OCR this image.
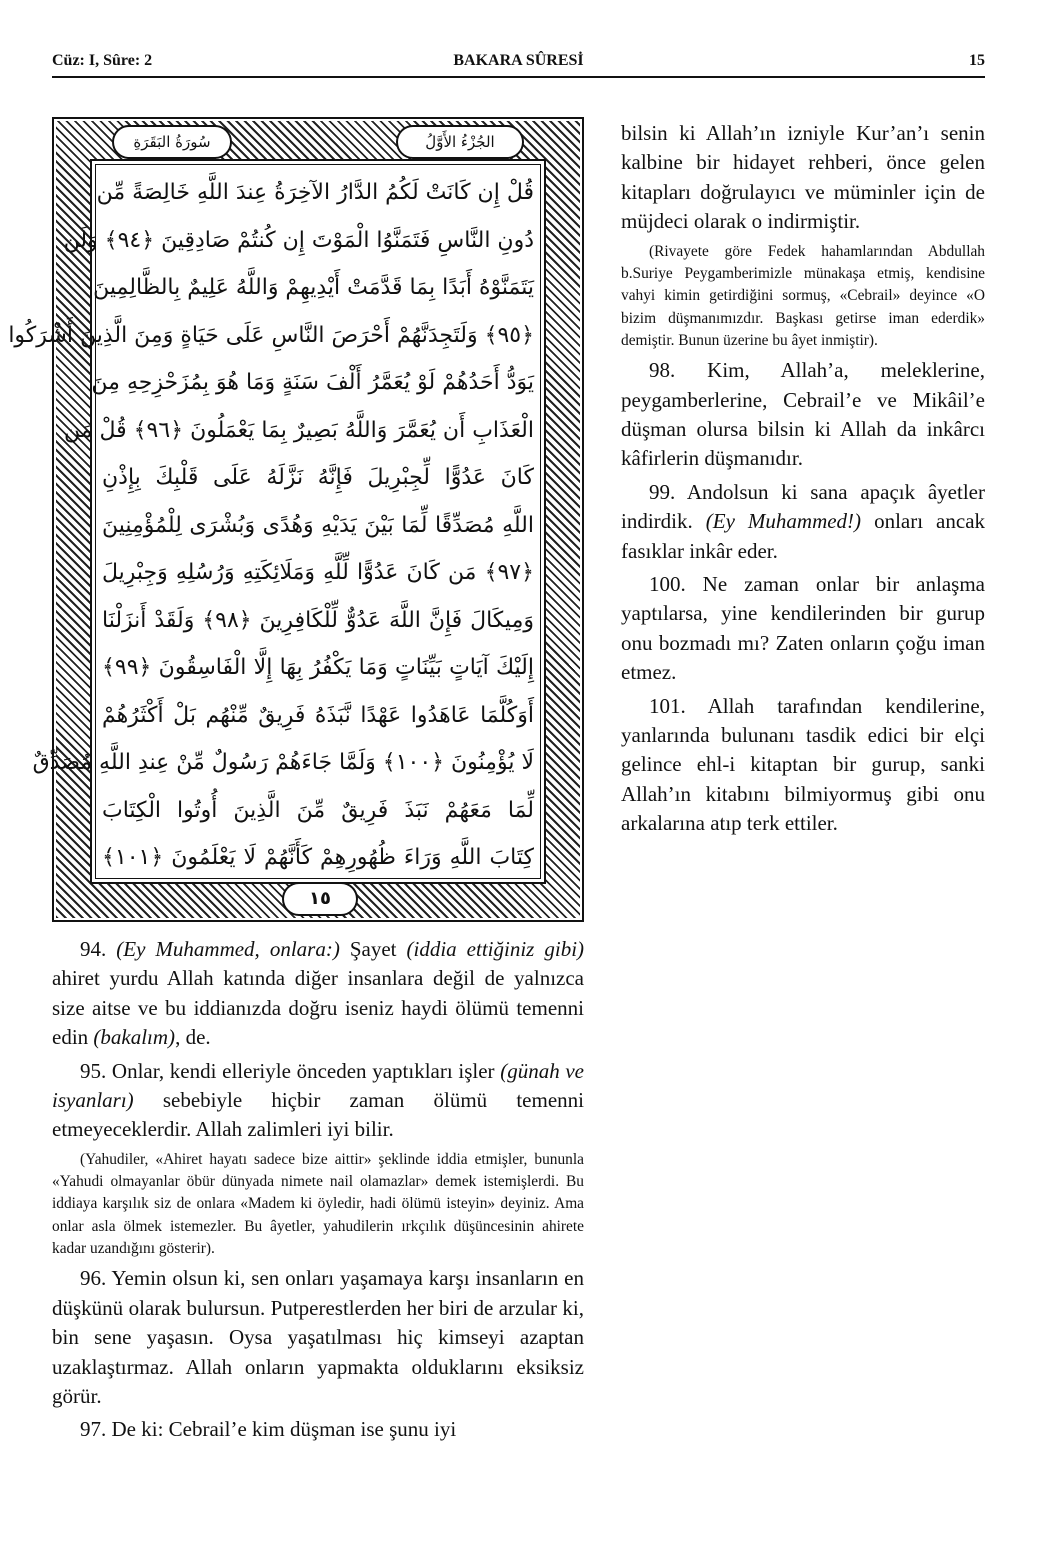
Cüz: I, Sûre: 2	BAKARA SÛRESİ	15
سُورَةُ البَقَرَةِ	الجُزْءُ الأَوَّلُ
قُلْ إِن كَانَتْ لَكُمُ الدَّارُ الآخِرَةُ عِندَ اللَّهِ خَالِصَةً مِّن
دُونِ النَّاسِ فَتَمَنَّوُا الْمَوْتَ إِن كُنتُمْ صَادِقِينَ ﴿٩٤﴾ وَلَن
يَتَمَنَّوْهُ أَبَدًا بِمَا قَدَّمَتْ أَيْدِيهِمْ وَاللَّهُ عَلِيمٌ بِالظَّالِمِينَ
﴿٩٥﴾ وَلَتَجِدَنَّهُمْ أَحْرَصَ النَّاسِ عَلَى حَيَاةٍ وَمِنَ الَّذِينَ أَشْرَكُوا
يَوَدُّ أَحَدُهُمْ لَوْ يُعَمَّرُ أَلْفَ سَنَةٍ وَمَا هُوَ بِمُزَحْزِحِهِ مِنَ
الْعَذَابِ أَن يُعَمَّرَ وَاللَّهُ بَصِيرٌ بِمَا يَعْمَلُونَ ﴿٩٦﴾ قُلْ مَن
كَانَ عَدُوًّا لِّجِبْرِيلَ فَإِنَّهُ نَزَّلَهُ عَلَى قَلْبِكَ بِإِذْنِ
اللَّهِ مُصَدِّقًا لِّمَا بَيْنَ يَدَيْهِ وَهُدًى وَبُشْرَى لِلْمُؤْمِنِينَ
﴿٩٧﴾ مَن كَانَ عَدُوًّا لِّلَّهِ وَمَلَائِكَتِهِ وَرُسُلِهِ وَجِبْرِيلَ
وَمِيكَالَ فَإِنَّ اللَّهَ عَدُوٌّ لِّلْكَافِرِينَ ﴿٩٨﴾ وَلَقَدْ أَنزَلْنَا
إِلَيْكَ آيَاتٍ بَيِّنَاتٍ وَمَا يَكْفُرُ بِهَا إِلَّا الْفَاسِقُونَ ﴿٩٩﴾
أَوَكُلَّمَا عَاهَدُوا عَهْدًا نَّبَذَهُ فَرِيقٌ مِّنْهُم بَلْ أَكْثَرُهُمْ
لَا يُؤْمِنُونَ ﴿١٠٠﴾ وَلَمَّا جَاءَهُمْ رَسُولٌ مِّنْ عِندِ اللَّهِ مُصَدِّقٌ
لِّمَا مَعَهُمْ نَبَذَ فَرِيقٌ مِّنَ الَّذِينَ أُوتُوا الْكِتَابَ
كِتَابَ اللَّهِ وَرَاءَ ظُهُورِهِمْ كَأَنَّهُمْ لَا يَعْلَمُونَ ﴿١٠١﴾
١٥

bilsin ki Allah’ın izniyle Kur’an’ı senin kalbine bir hidayet rehberi, önce gelen kitapları doğrulayıcı ve müminler için de müjdeci olarak o indirmiştir.

(Rivayete göre Fedek hahamlarından Abdullah b.Suriye Peygamberimizle münakaşa etmiş, kendisine vahyi kimin getirdiğini sormuş, «Cebrail» deyince «O bizim düşmanımızdır. Başkası getirse iman ederdik» demiştir. Bunun üzerine bu âyet inmiştir).

98. Kim, Allah’a, meleklerine, peygamberlerine, Cebrail’e ve Mikâil’e düşman olursa bilsin ki Allah da inkârcı kâfirlerin düşmanıdır.

99. Andolsun ki sana apaçık âyetler indirdik. (Ey Muhammed!) onları ancak fasıklar inkâr eder.

100. Ne zaman onlar bir anlaşma yaptılarsa, yine kendilerinden bir gurup onu bozmadı mı? Zaten onların çoğu iman etmez.

101. Allah tarafından kendilerine, yanlarında bulunanı tasdik edici bir elçi gelince ehl-i kitaptan bir gurup, sanki Allah’ın kitabını bilmiyormuş gibi onu arkalarına atıp terk ettiler.

94. (Ey Muhammed, onlara:) Şayet (iddia ettiğiniz gibi) ahiret yurdu Allah katında diğer insanlara değil de yalnızca size aitse ve bu iddianızda doğru iseniz haydi ölümü temenni edin (bakalım), de.

95. Onlar, kendi elleriyle önceden yaptıkları işler (günah ve isyanları) sebebiyle hiçbir zaman ölümü temenni etmeyeceklerdir. Allah zalimleri iyi bilir.

(Yahudiler, «Ahiret hayatı sadece bize aittir» şeklinde iddia etmişler, bununla «Yahudi olmayanlar öbür dünyada nimete nail olamazlar» demek istemişlerdi. Bu iddiaya karşılık siz de onlara «Madem ki öyledir, hadi ölümü isteyin» deyiniz. Ama onlar asla ölmek istemezler. Bu âyetler, yahudilerin ırkçılık düşüncesinin ahirete kadar uzandığını gösterir).

96. Yemin olsun ki, sen onları yaşamaya karşı insanların en düşkünü olarak bulursun. Putperestlerden her biri de arzular ki, bin sene yaşasın. Oysa yaşatılması hiç kimseyi azaptan uzaklaştırmaz. Allah onların yapmakta olduklarını eksiksiz görür.

97. De ki: Cebrail’e kim düşman ise şunu iyi
